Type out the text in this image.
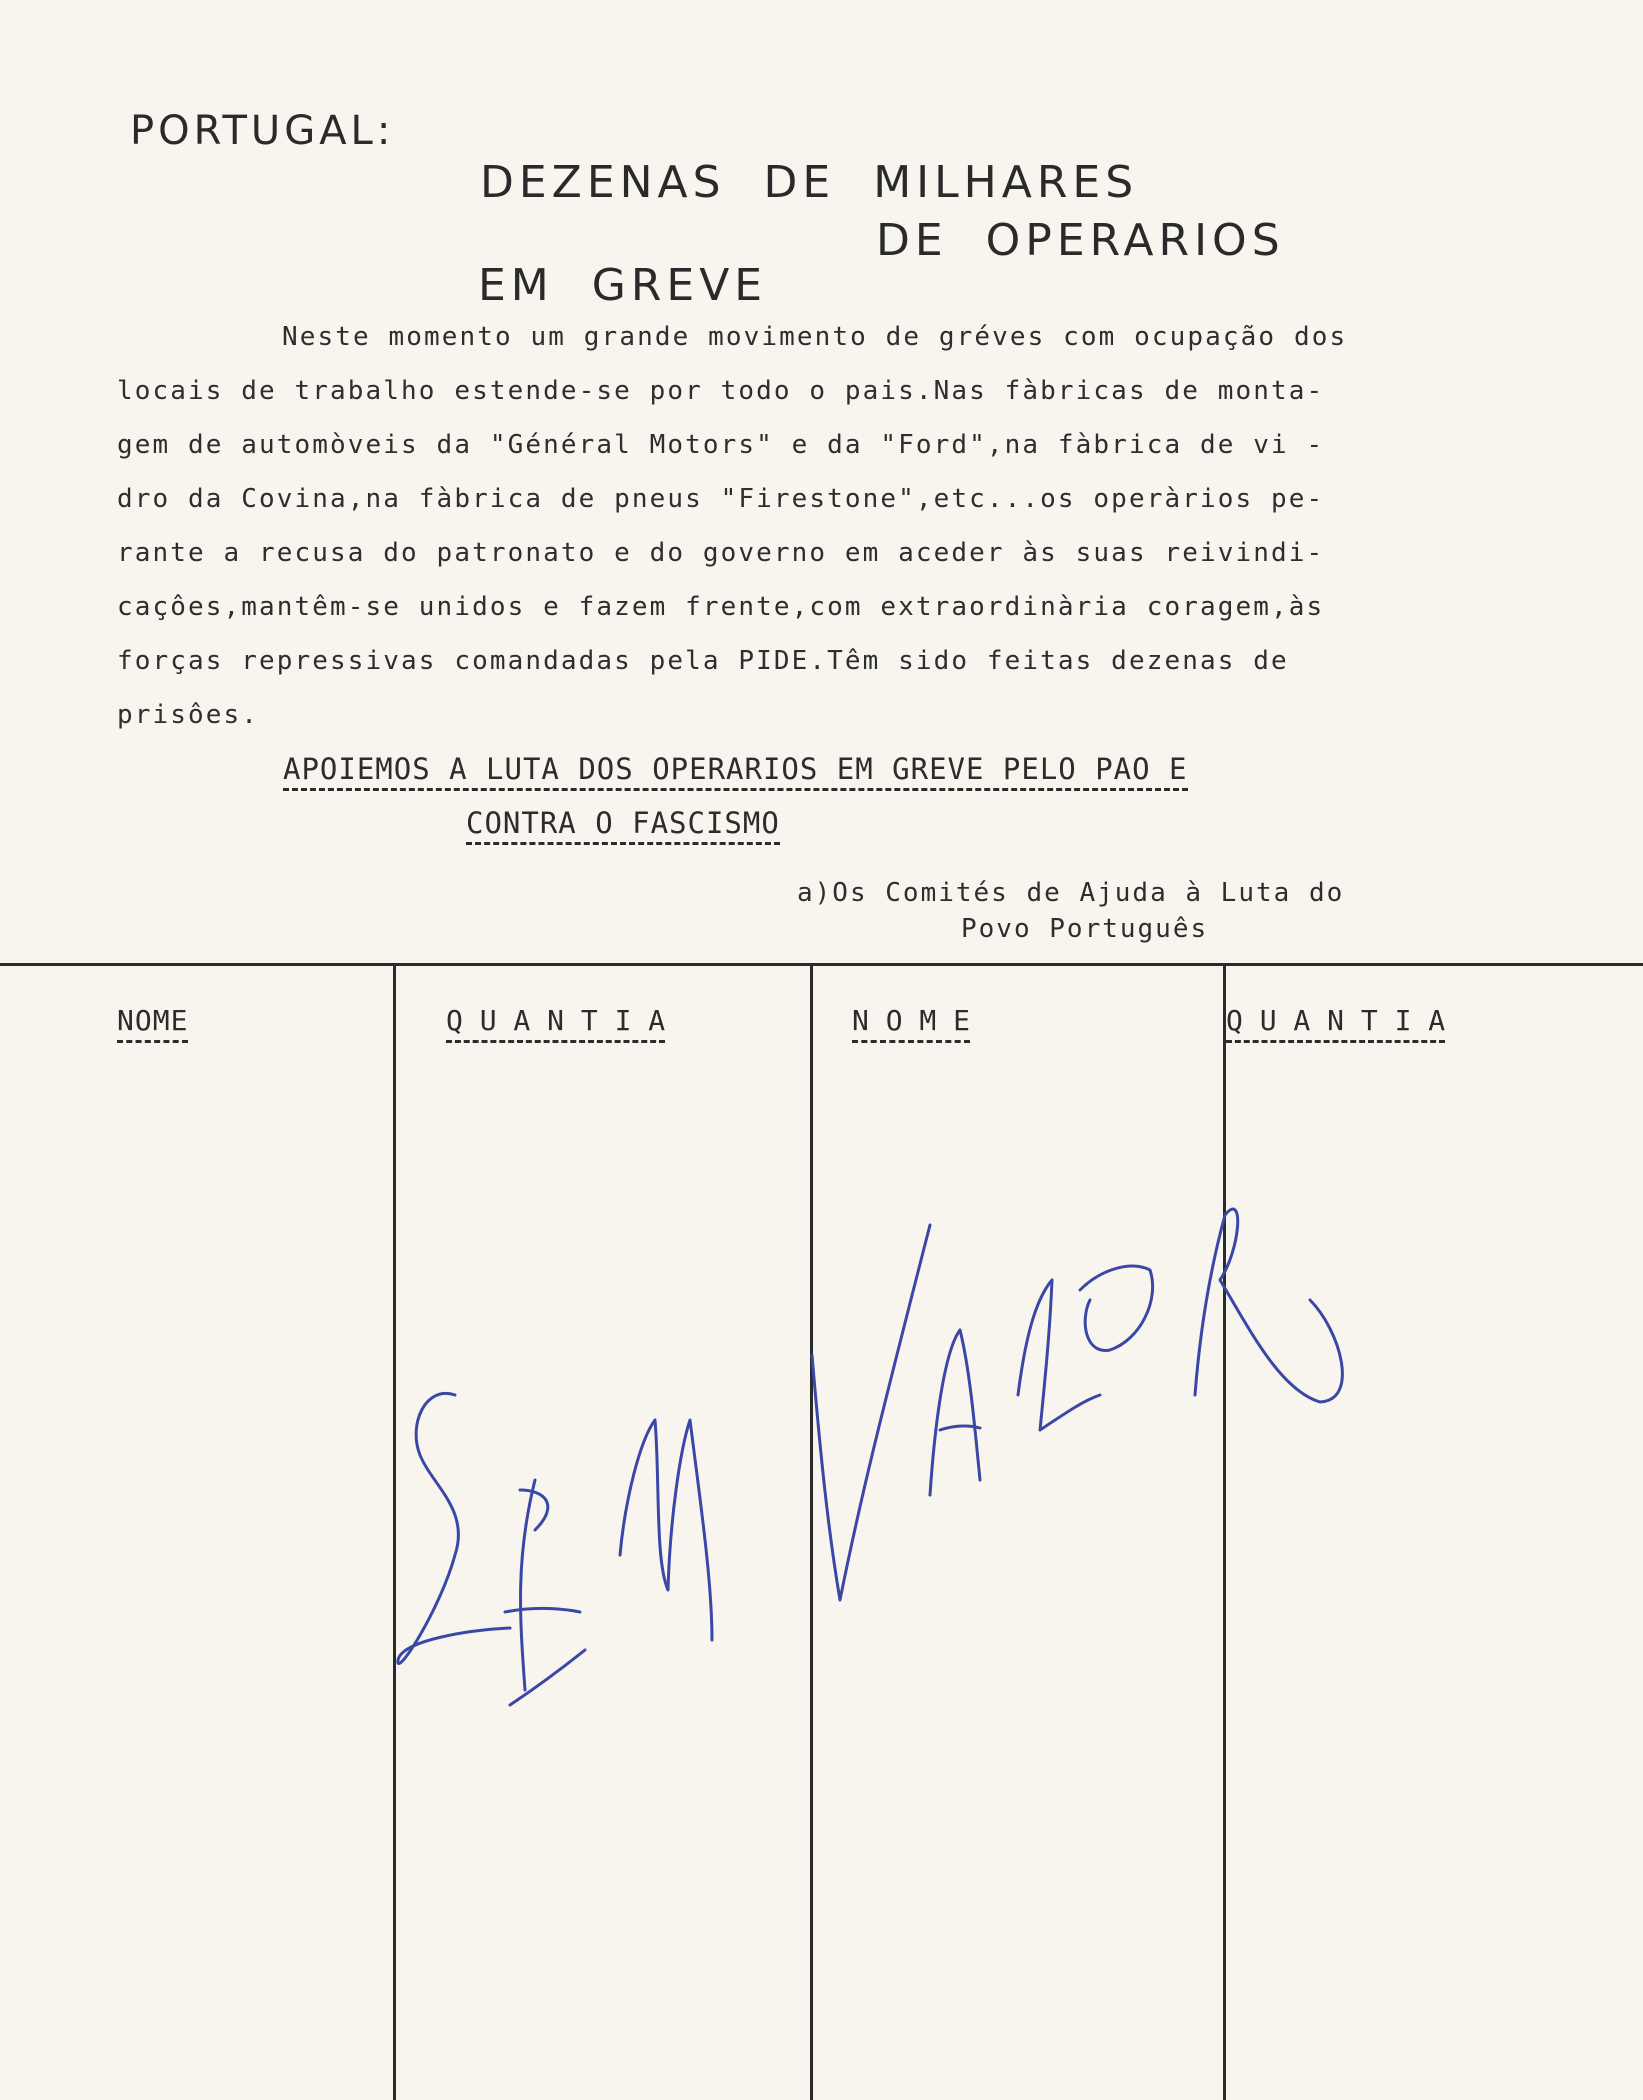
PORTUGAL:
DEZENAS  DE  MILHARES
DE  OPERARIOS
EM  GREVE
Neste momento um grande movimento de gréves com ocupação dos
locais de trabalho estende-se por todo o pais.Nas fàbricas de monta-
gem de automòveis da "Général Motors" e da "Ford",na fàbrica de vi -
dro da Covina,na fàbrica de pneus "Firestone",etc...os operàrios pe-
rante a recusa do patronato e do governo em aceder às suas reivindi-
caçôes,mantêm-se unidos e fazem frente,com extraordinària coragem,às
forças repressivas comandadas pela PIDE.Têm sido feitas dezenas de
prisôes.
APOIEMOS A LUTA DOS OPERARIOS EM GREVE PELO PAO E
CONTRA O FASCISMO
a)Os Comités de Ajuda à Luta do
Povo Português
NOME	Q U A N T I A	N O M E	Q U A N T I A
